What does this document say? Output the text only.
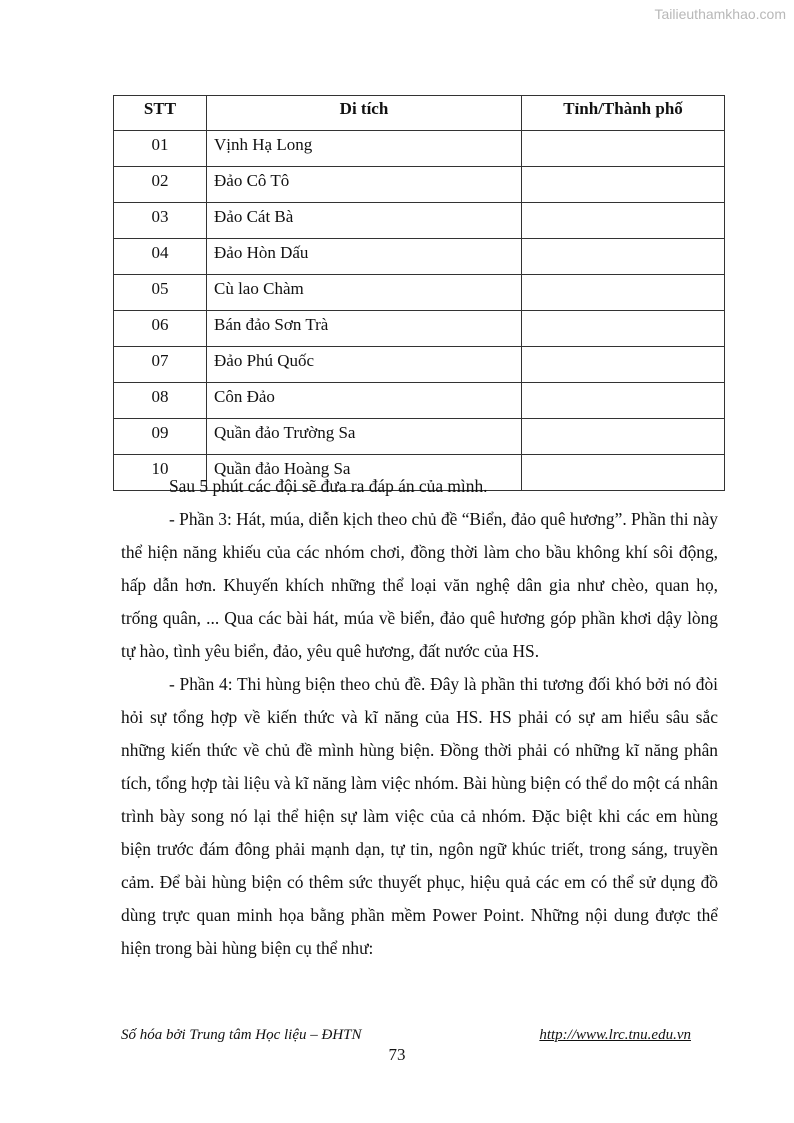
Tailieuthamkhao.com
STT	Di tích	Tỉnh/Thành phố
01	Vịnh Hạ Long	
02	Đảo Cô Tô	
03	Đảo Cát Bà	
04	Đảo Hòn Dấu	
05	Cù lao Chàm	
06	Bán đảo Sơn Trà	
07	Đảo Phú Quốc	
08	Côn Đảo	
09	Quần đảo Trường Sa	
10	Quần đảo Hoàng Sa	

Sau 5 phút các đội sẽ đưa ra đáp án của mình.

- Phần 3: Hát, múa, diễn kịch theo chủ đề “Biển, đảo quê hương”. Phần thi này thể hiện năng khiếu của các nhóm chơi, đồng thời làm cho bầu không khí sôi động, hấp dẫn hơn. Khuyến khích những thể loại văn nghệ dân gia như chèo, quan họ, trống quân, ... Qua các bài hát, múa về biển, đảo quê hương góp phần khơi dậy lòng tự hào, tình yêu biển, đảo, yêu quê hương, đất nước của HS.

- Phần 4: Thi hùng biện theo chủ đề. Đây là phần thi tương đối khó bởi nó đòi hỏi sự tổng hợp về kiến thức và kĩ năng của HS. HS phải có sự am hiểu sâu sắc những kiến thức về chủ đề mình hùng biện. Đồng thời phải có những kĩ năng phân tích, tổng hợp tài liệu và kĩ năng làm việc nhóm. Bài hùng biện có thể do một cá nhân trình bày song nó lại thể hiện sự làm việc của cả nhóm. Đặc biệt khi các em hùng biện trước đám đông phải mạnh dạn, tự tin, ngôn ngữ khúc triết, trong sáng, truyền cảm. Để bài hùng biện có thêm sức thuyết phục, hiệu quả các em có thể sử dụng đồ dùng trực quan minh họa bằng phần mềm Power Point. Những nội dung được thể hiện trong bài hùng biện cụ thể như:

Số hóa bởi Trung tâm Học liệu – ĐHTN	http://www.lrc.tnu.edu.vn
73
